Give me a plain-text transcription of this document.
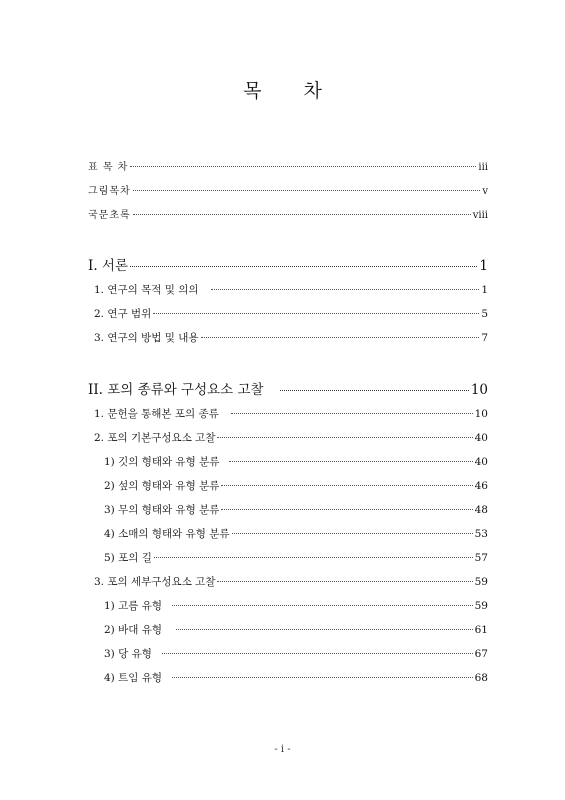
목 차
표 목 차	iii
그림목차	v
국문초록	viii
I. 서론	1
1. 연구의 목적 및 의의	1
2. 연구 범위	5
3. 연구의 방법 및 내용	7
II. 포의 종류와 구성요소 고찰	10
1. 문헌을 통해본 포의 종류	10
2. 포의 기본구성요소 고찰	40
1) 깃의 형태와 유형 분류	40
2) 섶의 형태와 유형 분류	46
3) 무의 형태와 유형 분류	48
4) 소매의 형태와 유형 분류	53
5) 포의 길	57
3. 포의 세부구성요소 고찰	59
1) 고름 유형	59
2) 바대 유형	61
3) 당 유형	67
4) 트임 유형	68
- i -
